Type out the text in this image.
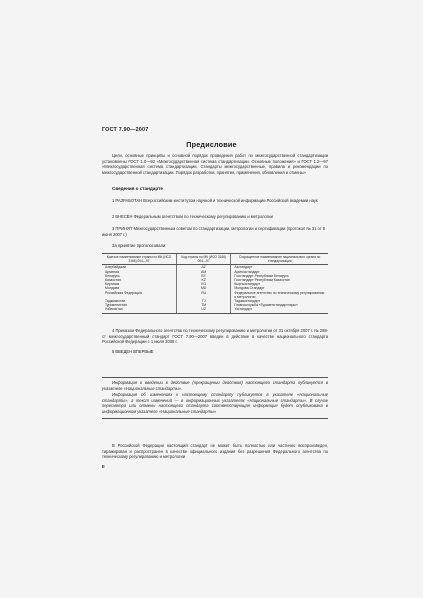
ГОСТ 7.90—2007
Предисловие
Цели, основные принципы и основной порядок проведения работ по межгосударственной стандартизации установлены ГОСТ 1.0—92 «Межгосударственная система стандартизации. Основные положения» и ГОСТ 1.2—97 «Межгосударственная система стандартизации. Стандарты межгосударственные, правила и рекомендации по межгосударственной стандартизации. Порядок разработки, принятия, применения, обновления и отмены»
Сведения о стандарте
1 РАЗРАБОТАН Всероссийским институтом научной и технической информации Российской академии наук
2 ВНЕСЕН Федеральным агентством по техническому регулированию и метрологии
3 ПРИНЯТ Межгосударственным советом по стандартизации, метрологии и сертификации (протокол № 31 от 8 июня 2007 г.)
За принятие проголосовали:
Краткое наименование страны по МК (ИСО 3166) 004—97	Код страны по МК (ИСО 3166) 004—97	Сокращенное наименование национального органа по стандартизации
Азербайджан	AZ	Азстандарт
Армения	AM	Армгосстандарт
Беларусь	BY	Госстандарт Республики Беларусь
Казахстан	KZ	Госстандарт Республики Казахстан
Киргизия	KG	Кыргызстандарт
Молдова	MD	Молдова-Стандарт
Российская Федерация	RU	Федеральное агентство по техническому регулированию и метрологии
Таджикистан	TJ	Таджикстандарт
Туркменистан	TM	Главгосслужба «Туркменстандартлары»
Узбекистан	UZ	Узстандарт
4 Приказом Федерального агентства по техническому регулированию и метрологии от 31 октября 2007 г. № 288-ст межгосударственный стандарт ГОСТ 7.90—2007 введен в действие в качестве национального стандарта Российской Федерации с 1 июля 2008 г.
5 ВВЕДЕН ВПЕРВЫЕ
Информация о введении в действие (прекращении действия) настоящего стандарта публикуется в указателе «Национальные стандарты».
Информация об изменениях к настоящему стандарту публикуется в указателе «Национальные стандарты», а текст изменений — в информационных указателях «Национальные стандарты». В случае пересмотра или отмены настоящего стандарта соответствующая информация будет опубликована в информационном указателе «Национальные стандарты»
В Российской Федерации настоящий стандарт не может быть полностью или частично воспроизведен, тиражирован и распространен в качестве официального издания без разрешения Федерального агентства по техническому регулированию и метрологии
II
